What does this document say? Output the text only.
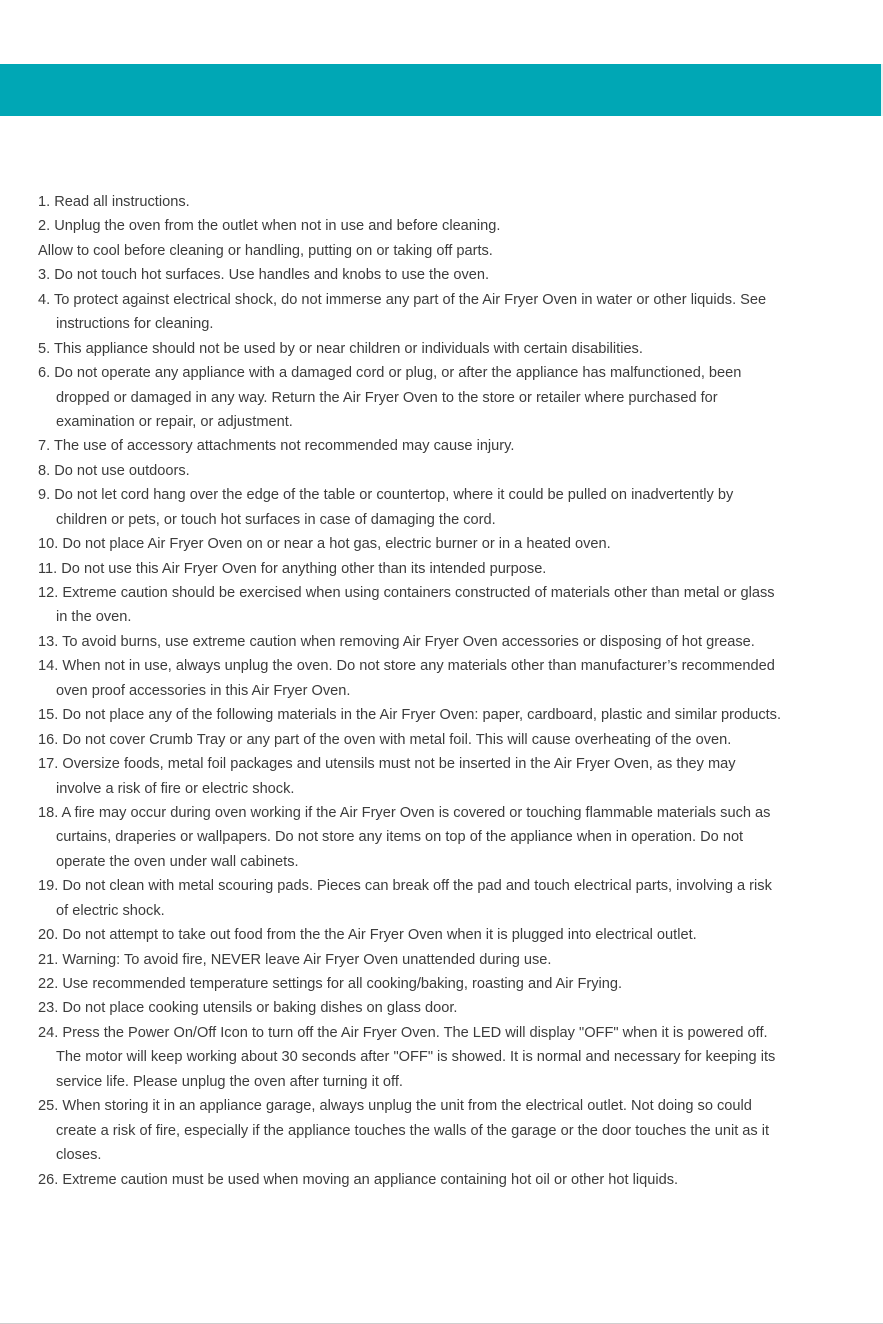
1. Read all instructions.
2. Unplug the oven from the outlet when not in use and before cleaning.
Allow to cool before cleaning or handling, putting on or taking off parts.
3. Do not touch hot surfaces. Use handles and knobs to use the oven.
4. To protect against electrical shock, do not immerse any part of the Air Fryer Oven in water or other liquids. See
instructions for cleaning.
5. This appliance should not be used by or near children or individuals with certain disabilities.
6. Do not operate any appliance with a damaged cord or plug, or after the appliance has malfunctioned, been
dropped or damaged in any way. Return the Air Fryer Oven to the store or retailer where purchased for
examination or repair, or adjustment.
7. The use of accessory attachments not recommended may cause injury.
8. Do not use outdoors.
9. Do not let cord hang over the edge of the table or countertop, where it could be pulled on inadvertently by
children or pets, or touch hot surfaces in case of damaging the cord.
10. Do not place Air Fryer Oven on or near a hot gas, electric burner or in a heated oven.
11. Do not use this Air Fryer Oven for anything other than its intended purpose.
12. Extreme caution should be exercised when using containers constructed of materials other than metal or glass
in the oven.
13. To avoid burns, use extreme caution when removing Air Fryer Oven accessories or disposing of hot grease.
14. When not in use, always unplug the oven. Do not store any materials other than manufacturer’s recommended
oven proof accessories in this Air Fryer Oven.
15. Do not place any of the following materials in the Air Fryer Oven: paper, cardboard, plastic and similar products.
16. Do not cover Crumb Tray or any part of the oven with metal foil. This will cause overheating of the oven.
17. Oversize foods, metal foil packages and utensils must not be inserted in the Air Fryer Oven, as they may
involve a risk of fire or electric shock.
18. A fire may occur during oven working if the Air Fryer Oven is covered or touching flammable materials such as
curtains, draperies or wallpapers. Do not store any items on top of the appliance when in operation. Do not
operate the oven under wall cabinets.
19. Do not clean with metal scouring pads. Pieces can break off the pad and touch electrical parts, involving a risk
of electric shock.
20. Do not attempt to take out food from the the Air Fryer Oven when it is plugged into electrical outlet.
21. Warning: To avoid fire, NEVER leave Air Fryer Oven unattended during use.
22. Use recommended temperature settings for all cooking/baking, roasting and Air Frying.
23. Do not place cooking utensils or baking dishes on glass door.
24. Press the Power On/Off Icon to turn off the Air Fryer Oven. The LED will display "OFF" when it is powered off.
The motor will keep working about 30 seconds after "OFF" is showed. It is normal and necessary for keeping its
service life. Please unplug the oven after turning it off.
25. When storing it in an appliance garage, always unplug the unit from the electrical outlet. Not doing so could
create a risk of fire, especially if the appliance touches the walls of the garage or the door touches the unit as it
closes.
26. Extreme caution must be used when moving an appliance containing hot oil or other hot liquids.
